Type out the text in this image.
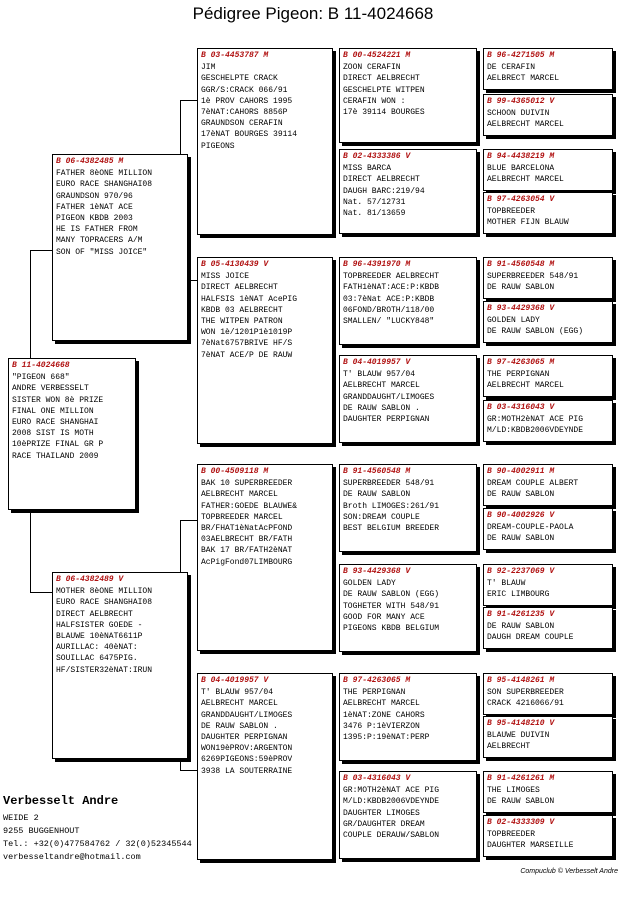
Pédigree Pigeon: B 11-4024668
B 11-4024668
"PIGEON 668"
ANDRE VERBESSELT
SISTER WON 8è PRIZE
FINAL ONE MILLION
EURO RACE SHANGHAI
2008 SIST IS MOTH
10èPRIZE FINAL GR P
RACE THAILAND 2009
B 06-4382485 M
FATHER 8èONE MILLION
EURO RACE SHANGHAI08
GRAUNDSON 970/96
FATHER 1èNAT ACE
PIGEON KBDB 2003
HE IS FATHER FROM
MANY TOPRACERS A/M
SON OF "MISS JOICE"
B 06-4382489 V
MOTHER 8èONE MILLION
EURO RACE SHANGHAI08
DIRECT AELBRECHT
HALFSISTER GOEDE -
BLAUWE 10èNAT6611P
AURILLAC: 40èNAT:
SOUILLAC 6475PIG.
HF/SISTER32èNAT:IRUN
B 03-4453787 M
JIM
GESCHELPTE CRACK
GGR/S:CRACK 066/91
1è PROV CAHORS 1995
7èNAT:CAHORS 8856P
GRAUNDSON CERAFIN
17èNAT BOURGES 39114
PIGEONS
B 05-4130439 V
MISS JOICE
DIRECT AELBRECHT
HALFSIS 1èNAT AcePIG
KBDB 03 AELBRECHT
THE WITPEN PATRON
WON 1è/1201P1è1019P
7èNat6757BRIVE HF/S
7èNAT ACE/P DE RAUW
B 00-4509118 M
BAK 10 SUPERBREEDER
AELBRECHT MARCEL
FATHER:GOEDE BLAUWE&
TOPBREEDER MARCEL
BR/FHAT1èNatAcPFOND
03AELBRECHT BR/FATH
BAK 17 BR/FATH2èNAT
AcPigFond07LIMBOURG
B 04-4019957 V
T' BLAUW 957/04
AELBRECHT MARCEL
GRANDDAUGHT/LIMOGES
DE RAUW SABLON .
DAUGHTER PERPIGNAN
WON19èPROV:ARGENTON
6269PIGEONS:59èPROV
3938 LA SOUTERRAINE
B 00-4524221 M
ZOON CERAFIN
DIRECT AELBRECHT
GESCHELPTE WITPEN
CERAFIN WON :
17è 39114 BOURGES
B 02-4333386 V
MISS BARCA
DIRECT AELBRECHT
DAUGH BARC:219/94
Nat. 57/12731
Nat. 81/13659
B 96-4391970 M
TOPBREEDER AELBRECHT
FATH1èNAT:ACE:P:KBDB
03:7èNat ACE:P:KBDB
06FOND/BROTH/118/00
SMALLEN/ "LUCKY848"
B 04-4019957 V
T' BLAUW 957/04
AELBRECHT MARCEL
GRANDDAUGHT/LIMOGES
DE RAUW SABLON .
DAUGHTER PERPIGNAN
B 91-4560548 M
SUPERBREEDER 548/91
DE RAUW SABLON
Broth LIMOGES:261/91
SON:DREAM COUPLE
BEST BELGIUM BREEDER
B 93-4429368 V
GOLDEN LADY
DE RAUW SABLON (EGG)
TOGHETER WITH 548/91
GOOD FOR MANY ACE
PIGEONS KBDB BELGIUM
B 97-4263065 M
THE PERPIGNAN
AELBRECHT MARCEL
1èNAT:ZONE CAHORS
3476 P:1èVIERZON
1395:P:19èNAT:PERP
B 03-4316043 V
GR:MOTH2èNAT ACE PIG
M/LD:KBDB2006VDEYNDE
DAUGHTER LIMOGES
GR/DAUGHTER DREAM
COUPLE DERAUW/SABLON
B 96-4271505 M
DE CERAFIN
AELBRECT MARCEL
B 99-4365012 V
SCHOON DUIVIN
AELBRECHT MARCEL
B 94-4438219 M
BLUE BARCELONA
AELBRECHT MARCEL
B 97-4263054 V
TOPBREEDER
MOTHER FIJN BLAUW
B 91-4560548 M
SUPERBREEDER 548/91
DE RAUW SABLON
B 93-4429368 V
GOLDEN LADY
DE RAUW SABLON (EGG)
B 97-4263065 M
THE PERPIGNAN
AELBRECHT MARCEL
B 03-4316043 V
GR:MOTH2èNAT ACE PIG
M/LD:KBDB2006VDEYNDE
B 90-4002911 M
DREAM COUPLE ALBERT
DE RAUW SABLON
B 90-4002926 V
DREAM-COUPLE-PAOLA
DE RAUW SABLON
B 92-2237069 V
T' BLAUW
ERIC LIMBOURG
B 91-4261235 V
DE RAUW SABLON
DAUGH DREAM COUPLE
B 95-4148261 M
SON SUPERBREEDER
CRACK 4216066/91
B 95-4148210 V
BLAUWE DUIVIN
AELBRECHT
B 91-4261261 M
THE LIMOGES
DE RAUW SABLON
B 02-4333309 V
TOPBREEDER
DAUGHTER MARSEILLE
Verbesselt Andre
WEIDE 2
9255 BUGGENHOUT
Tel.: +32(0)477584762 / 32(0)52345544
verbesseltandre@hotmail.com
Compuclub © Verbesselt Andre
